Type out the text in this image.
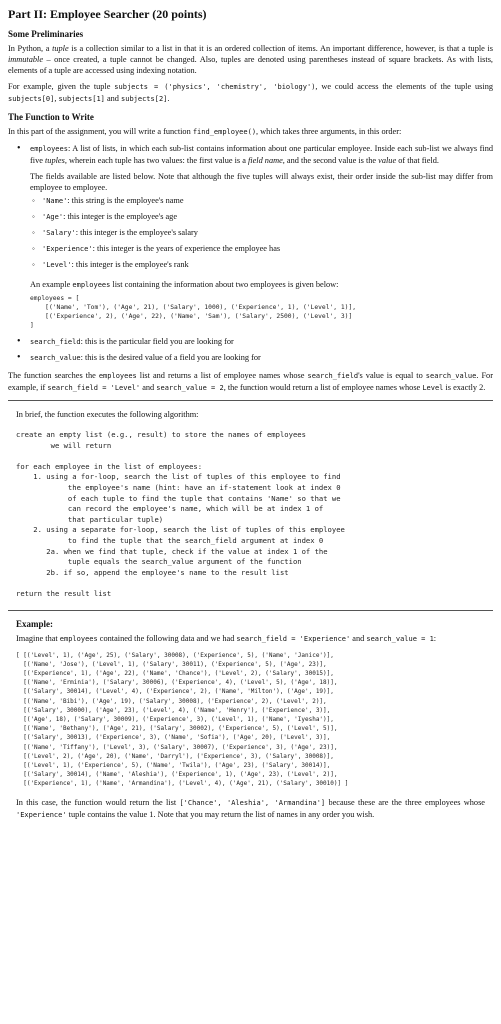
Part II: Employee Searcher (20 points)
Some Preliminaries

In Python, a tuple is a collection similar to a list in that it is an ordered collection of items. An important difference, however, is that a tuple is immutable – once created, a tuple cannot be changed. Also, tuples are denoted using parentheses instead of square brackets. As with lists, elements of a tuple are accessed using indexing notation.

For example, given the tuple subjects = ('physics', 'chemistry', 'biology'), we could access the elements of the tuple using subjects[0], subjects[1] and subjects[2].

The Function to Write

In this part of the assignment, you will write a function find_employee(), which takes three arguments, in this order:

• employees: A list of lists, in which each sub-list contains information about one particular employee. Inside each sub-list we always find five tuples, wherein each tuple has two values: the first value is a field name, and the second value is the value of that field.
The fields available are listed below. Note that although the five tuples will always exist, their order inside the sub-list may differ from employee to employee.
◦ 'Name': this string is the employee's name
◦ 'Age': this integer is the employee's age
◦ 'Salary': this integer is the employee's salary
◦ 'Experience': this integer is the years of experience the employee has
◦ 'Level': this integer is the employee's rank
An example employees list containing the information about two employees is given below:
employees = [
[('Name', 'Tom'), ('Age', 21), ('Salary', 1000), ('Experience', 1), ('Level', 1)],
[('Experience', 2), ('Age', 22), ('Name', 'Sam'), ('Salary', 2500), ('Level', 3)]
]
• search_field: this is the particular field you are looking for
• search_value: this is the desired value of a field you are looking for

The function searches the employees list and returns a list of employee names whose search_field's value is equal to search_value. For example, if search_field = 'Level' and search_value = 2, the function would return a list of employee names whose Level is exactly 2.

In brief, the function executes the following algorithm:
create an empty list (e.g., result) to store the names of employees
we will return

for each employee in the list of employees:
1. using a for-loop, search the list of tuples of this employee to find
the employee's name (hint: have an if-statement look at index 0
of each tuple to find the tuple that contains 'Name' so that we
can record the employee's name, which will be at index 1 of
that particular tuple)
2. using a separate for-loop, search the list of tuples of this employee
to find the tuple that the search_field argument at index 0
2a. when we find that tuple, check if the value at index 1 of the
tuple equals the search_value argument of the function
2b. if so, append the employee's name to the result list

return the result list
Example:

Imagine that employees contained the following data and we had search_field = 'Experience' and search_value = 1:

[ [('Level', 1), ('Age', 25), ('Salary', 30008), ('Experience', 5), ('Name', 'Janice')],
[('Name', 'Jose'), ('Level', 1), ('Salary', 30011), ('Experience', 5), ('Age', 23)],
[('Experience', 1), ('Age', 22), ('Name', 'Chance'), ('Level', 2), ('Salary', 30015)],
[('Name', 'Erminia'), ('Salary', 30006), ('Experience', 4), ('Level', 5), ('Age', 18)],
[('Salary', 30014), ('Level', 4), ('Experience', 2), ('Name', 'Milton'), ('Age', 19)],
[('Name', 'Bibi'), ('Age', 19), ('Salary', 30008), ('Experience', 2), ('Level', 2)],
[('Salary', 30000), ('Age', 23), ('Level', 4), ('Name', 'Henry'), ('Experience', 3)],
[('Age', 18), ('Salary', 30009), ('Experience', 3), ('Level', 1), ('Name', 'Iyesha')],
[('Name', 'Bethany'), ('Age', 21), ('Salary', 30002), ('Experience', 5), ('Level', 5)],
[('Salary', 30013), ('Experience', 3), ('Name', 'Sofia'), ('Age', 20), ('Level', 3)],
[('Name', 'Tiffany'), ('Level', 3), ('Salary', 30007), ('Experience', 3), ('Age', 23)],
[('Level', 2), ('Age', 20), ('Name', 'Darryl'), ('Experience', 3), ('Salary', 30008)],
[('Level', 1), ('Experience', 5), ('Name', 'Twila'), ('Age', 23), ('Salary', 30014)],
[('Salary', 30014), ('Name', 'Aleshia'), ('Experience', 1), ('Age', 23), ('Level', 2)],
[('Experience', 1), ('Name', 'Armandina'), ('Level', 4), ('Age', 21), ('Salary', 30010)] ]

In this case, the function would return the list ['Chance', 'Aleshia', 'Armandina'] because these are the three employees whose 'Experience' tuple contains the value 1. Note that you may return the list of names in any order you wish.
